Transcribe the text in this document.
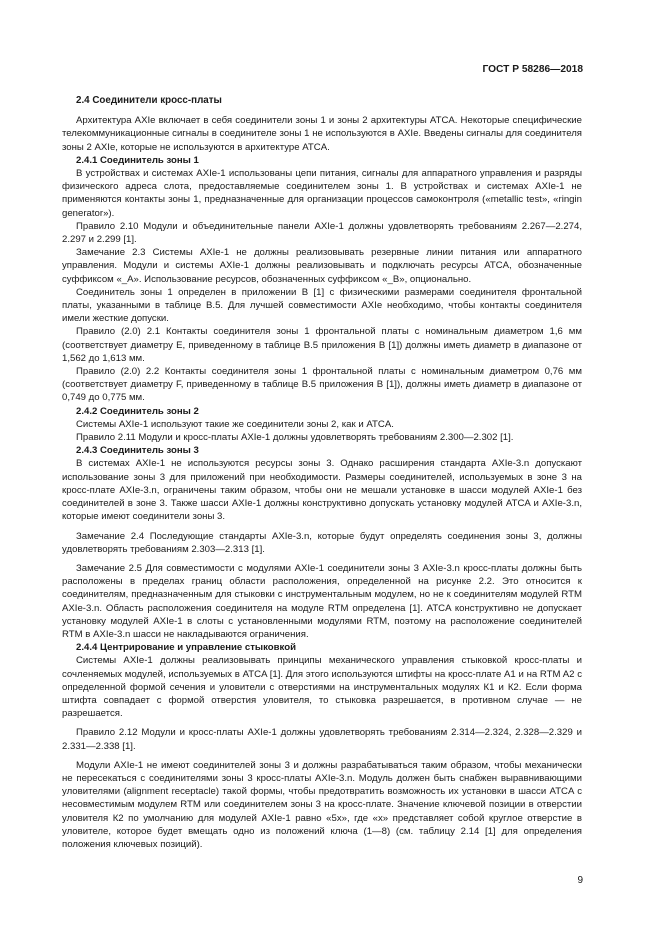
ГОСТ Р 58286—2018
2.4 Соединители кросс-платы

Архитектура AXIe включает в себя соединители зоны 1 и зоны 2 архитектуры ATCA. Некоторые специфические телекоммуникационные сигналы в соединителе зоны 1 не используются в AXIe. Введены сигналы для соединителя зоны 2 AXIe, которые не используются в архитектуре ATCA.

2.4.1 Соединитель зоны 1

В устройствах и системах AXIe-1 использованы цепи питания, сигналы для аппаратного управления и разряды физического адреса слота, предоставляемые соединителем зоны 1. В устройствах и системах AXIe-1 не применяются контакты зоны 1, предназначенные для организации процессов самоконтроля («metallic test», «ringin generator»).

Правило 2.10 Модули и объединительные панели AXIe-1 должны удовлетворять требованиям 2.267—2.274, 2.297 и 2.299 [1].

Замечание 2.3 Системы AXIe-1 не должны реализовывать резервные линии питания или аппаратного управления. Модули и системы AXIe-1 должны реализовывать и подключать ресурсы ATCA, обозначенные суффиксом «_A». Использование ресурсов, обозначенных суффиксом «_B», опционально.

Соединитель зоны 1 определен в приложении В [1] с физическими размерами соединителя фронтальной платы, указанными в таблице В.5. Для лучшей совместимости AXIe необходимо, чтобы контакты соединителя имели жесткие допуски.

Правило (2.0) 2.1 Контакты соединителя зоны 1 фронтальной платы с номинальным диаметром 1,6 мм (соответствует диаметру Е, приведенному в таблице В.5 приложения В [1]) должны иметь диаметр в диапазоне от 1,562 до 1,613 мм.

Правило (2.0) 2.2 Контакты соединителя зоны 1 фронтальной платы с номинальным диаметром 0,76 мм (соответствует диаметру F, приведенному в таблице В.5 приложения В [1]), должны иметь диаметр в диапазоне от 0,749 до 0,775 мм.

2.4.2 Соединитель зоны 2

Системы AXIe-1 используют такие же соединители зоны 2, как и ATCA.

Правило 2.11 Модули и кросс-платы AXIe-1 должны удовлетворять требованиям 2.300—2.302 [1].

2.4.3 Соединитель зоны 3

В системах AXIe-1 не используются ресурсы зоны 3. Однако расширения стандарта AXIe-3.n допускают использование зоны 3 для приложений при необходимости. Размеры соединителей, используемых в зоне 3 на кросс-плате AXIe-3.n, ограничены таким образом, чтобы они не мешали установке в шасси модулей AXIe-1 без соединителей в зоне 3. Также шасси AXIe-1 должны конструктивно допускать установку модулей ATCA и AXIe-3.n, которые имеют соединители зоны 3.

Замечание 2.4 Последующие стандарты AXIe-3.n, которые будут определять соединения зоны 3, должны удовлетворять требованиям 2.303—2.313 [1].

Замечание 2.5 Для совместимости с модулями AXIe-1 соединители зоны 3 AXIe-3.n кросс-платы должны быть расположены в пределах границ области расположения, определенной на рисунке 2.2. Это относится к соединителям, предназначенным для стыковки с инструментальным модулем, но не к соединителям модулей RTM AXIe-3.n. Область расположения соединителя на модуле RTM определена [1]. ATCA конструктивно не допускает установку модулей AXIe-1 в слоты с установленными модулями RTM, поэтому на расположение соединителей RTM в AXIe-3.n шасси не накладываются ограничения.

2.4.4 Центрирование и управление стыковкой

Системы AXIe-1 должны реализовывать принципы механического управления стыковкой кросс-платы и сочленяемых модулей, используемых в ATCA [1]. Для этого используются штифты на кросс-плате А1 и на RTM A2 с определенной формой сечения и уловители с отверстиями на инструментальных модулях К1 и К2. Если форма штифта совпадает с формой отверстия уловителя, то стыковка разрешается, в противном случае — не разрешается.

Правило 2.12 Модули и кросс-платы AXIe-1 должны удовлетворять требованиям 2.314—2.324, 2.328—2.329 и 2.331—2.338 [1].

Модули AXIe-1 не имеют соединителей зоны 3 и должны разрабатываться таким образом, чтобы механически не пересекаться с соединителями зоны 3 кросс-платы AXIe-3.n. Модуль должен быть снабжен выравнивающими уловителями (alignment receptacle) такой формы, чтобы предотвратить возможность их установки в шасси ATCA с несовместимым модулем RTM или соединителем зоны 3 на кросс-плате. Значение ключевой позиции в отверстии уловителя К2 по умолчанию для модулей AXIe-1 равно «5х», где «х» представляет собой круглое отверстие в уловителе, которое будет вмещать одно из положений ключа (1—8) (см. таблицу 2.14 [1] для определения положения ключевых позиций).

9
